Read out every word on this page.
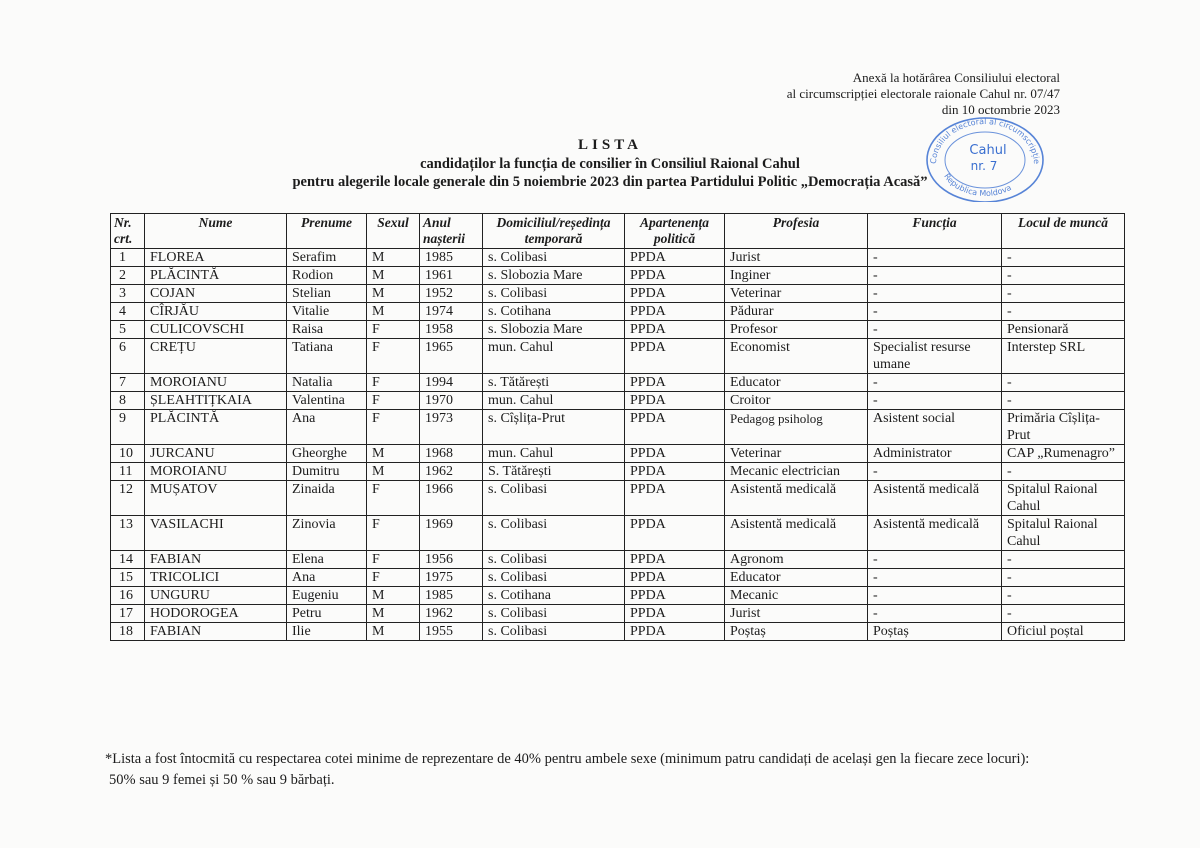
Anexă la hotărârea Consiliului electoral
al circumscripției electorale raionale Cahul nr. 07/47
din 10 octombrie 2023
Consiliul electoral al circumscripție
Republica Moldova
Cahul
nr. 7
LISTA
candidaților la funcția de consilier în Consiliul Raional Cahul
pentru alegerile locale generale din 5 noiembrie 2023 din partea Partidului Politic „Democrația Acasă”
Nr. crt.	Nume	Prenume	Sexul	Anul nașterii	Domiciliul/reședința temporară	Apartenența politică	Profesia	Funcția	Locul de muncă
1	FLOREA	Serafim	M	1985	s. Colibasi	PPDA	Jurist	-	-
2	PLĂCINTĂ	Rodion	M	1961	s. Slobozia Mare	PPDA	Inginer	-	-
3	COJAN	Stelian	M	1952	s. Colibasi	PPDA	Veterinar	-	-
4	CÎRJĂU	Vitalie	M	1974	s. Cotihana	PPDA	Pădurar	-	-
5	CULICOVSCHI	Raisa	F	1958	s. Slobozia Mare	PPDA	Profesor	-	Pensionară
6	CREȚU	Tatiana	F	1965	mun. Cahul	PPDA	Economist	Specialist resurse umane	Interstep SRL
7	MOROIANU	Natalia	F	1994	s. Tătărești	PPDA	Educator	-	-
8	ȘLEAHTIȚKAIA	Valentina	F	1970	mun. Cahul	PPDA	Croitor	-	-
9	PLĂCINTĂ	Ana	F	1973	s. Cîșlița-Prut	PPDA	Pedagog psiholog	Asistent social	Primăria Cîșlița-Prut
10	JURCANU	Gheorghe	M	1968	mun. Cahul	PPDA	Veterinar	Administrator	CAP „Rumenagro”
11	MOROIANU	Dumitru	M	1962	S. Tătărești	PPDA	Mecanic electrician	-	-
12	MUȘATOV	Zinaida	F	1966	s. Colibasi	PPDA	Asistentă medicală	Asistentă medicală	Spitalul Raional Cahul
13	VASILACHI	Zinovia	F	1969	s. Colibasi	PPDA	Asistentă medicală	Asistentă medicală	Spitalul Raional Cahul
14	FABIAN	Elena	F	1956	s. Colibasi	PPDA	Agronom	-	-
15	TRICOLICI	Ana	F	1975	s. Colibasi	PPDA	Educator	-	-
16	UNGURU	Eugeniu	M	1985	s. Cotihana	PPDA	Mecanic	-	-
17	HODOROGEA	Petru	M	1962	s. Colibasi	PPDA	Jurist	-	-
18	FABIAN	Ilie	M	1955	s. Colibasi	PPDA	Poștaș	Poștaș	Oficiul poștal

*Lista a fost întocmită cu respectarea cotei minime de reprezentare de 40% pentru ambele sexe (minimum patru candidați de același gen la fiecare zece locuri):

50% sau 9 femei și 50 % sau 9 bărbați.
